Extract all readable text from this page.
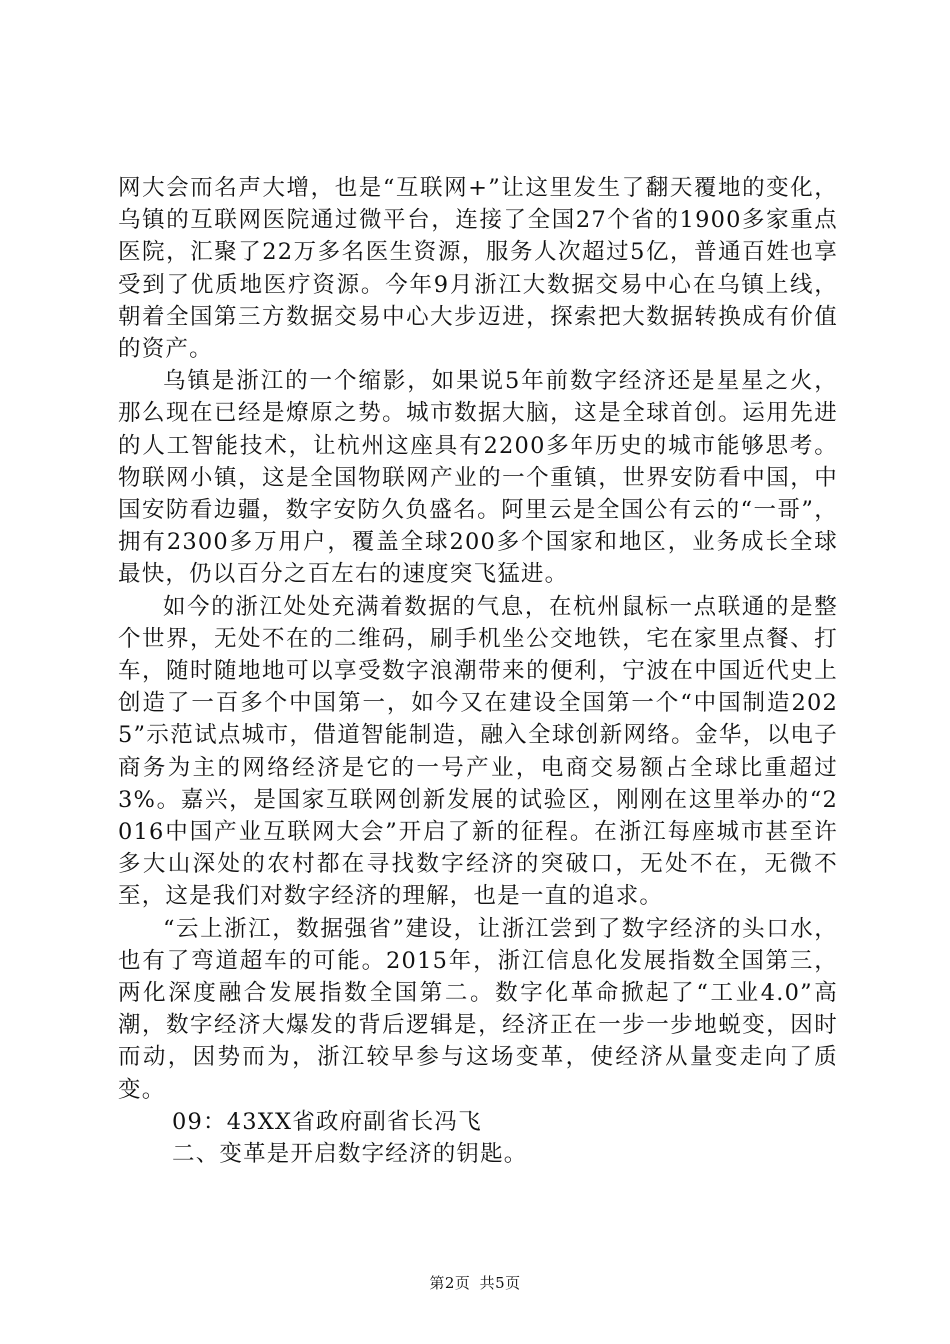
网大会而名声大增，也是“互联网+”让这里发生了翻天覆地的变化，乌镇的互联网医院通过微平台，连接了全国27个省的1900多家重点医院，汇聚了22万多名医生资源，服务人次超过5亿，普通百姓也享受到了优质地医疗资源。今年9月浙江大数据交易中心在乌镇上线，朝着全国第三方数据交易中心大步迈进，探索把大数据转换成有价值的资产。

乌镇是浙江的一个缩影，如果说5年前数字经济还是星星之火，那么现在已经是燎原之势。城市数据大脑，这是全球首创。运用先进的人工智能技术，让杭州这座具有2200多年历史的城市能够思考。物联网小镇，这是全国物联网产业的一个重镇，世界安防看中国，中国安防看边疆，数字安防久负盛名。阿里云是全国公有云的“一哥”，拥有2300多万用户，覆盖全球200多个国家和地区，业务成长全球最快，仍以百分之百左右的速度突飞猛进。

如今的浙江处处充满着数据的气息，在杭州鼠标一点联通的是整个世界，无处不在的二维码，刷手机坐公交地铁，宅在家里点餐、打车，随时随地地可以享受数字浪潮带来的便利，宁波在中国近代史上创造了一百多个中国第一，如今又在建设全国第一个“中国制造2025”示范试点城市，借道智能制造，融入全球创新网络。金华，以电子商务为主的网络经济是它的一号产业，电商交易额占全球比重超过3%。嘉兴，是国家互联网创新发展的试验区，刚刚在这里举办的“2016中国产业互联网大会”开启了新的征程。在浙江每座城市甚至许多大山深处的农村都在寻找数字经济的突破口，无处不在，无微不至，这是我们对数字经济的理解，也是一直的追求。

“云上浙江，数据强省”建设，让浙江尝到了数字经济的头口水，也有了弯道超车的可能。2015年，浙江信息化发展指数全国第三，两化深度融合发展指数全国第二。数字化革命掀起了“工业4.0”高潮，数字经济大爆发的背后逻辑是，经济正在一步一步地蜕变，因时而动，因势而为，浙江较早参与这场变革，使经济从量变走向了质变。

09：43XX省政府副省长冯飞

二、变革是开启数字经济的钥匙。

第2页 共5页
